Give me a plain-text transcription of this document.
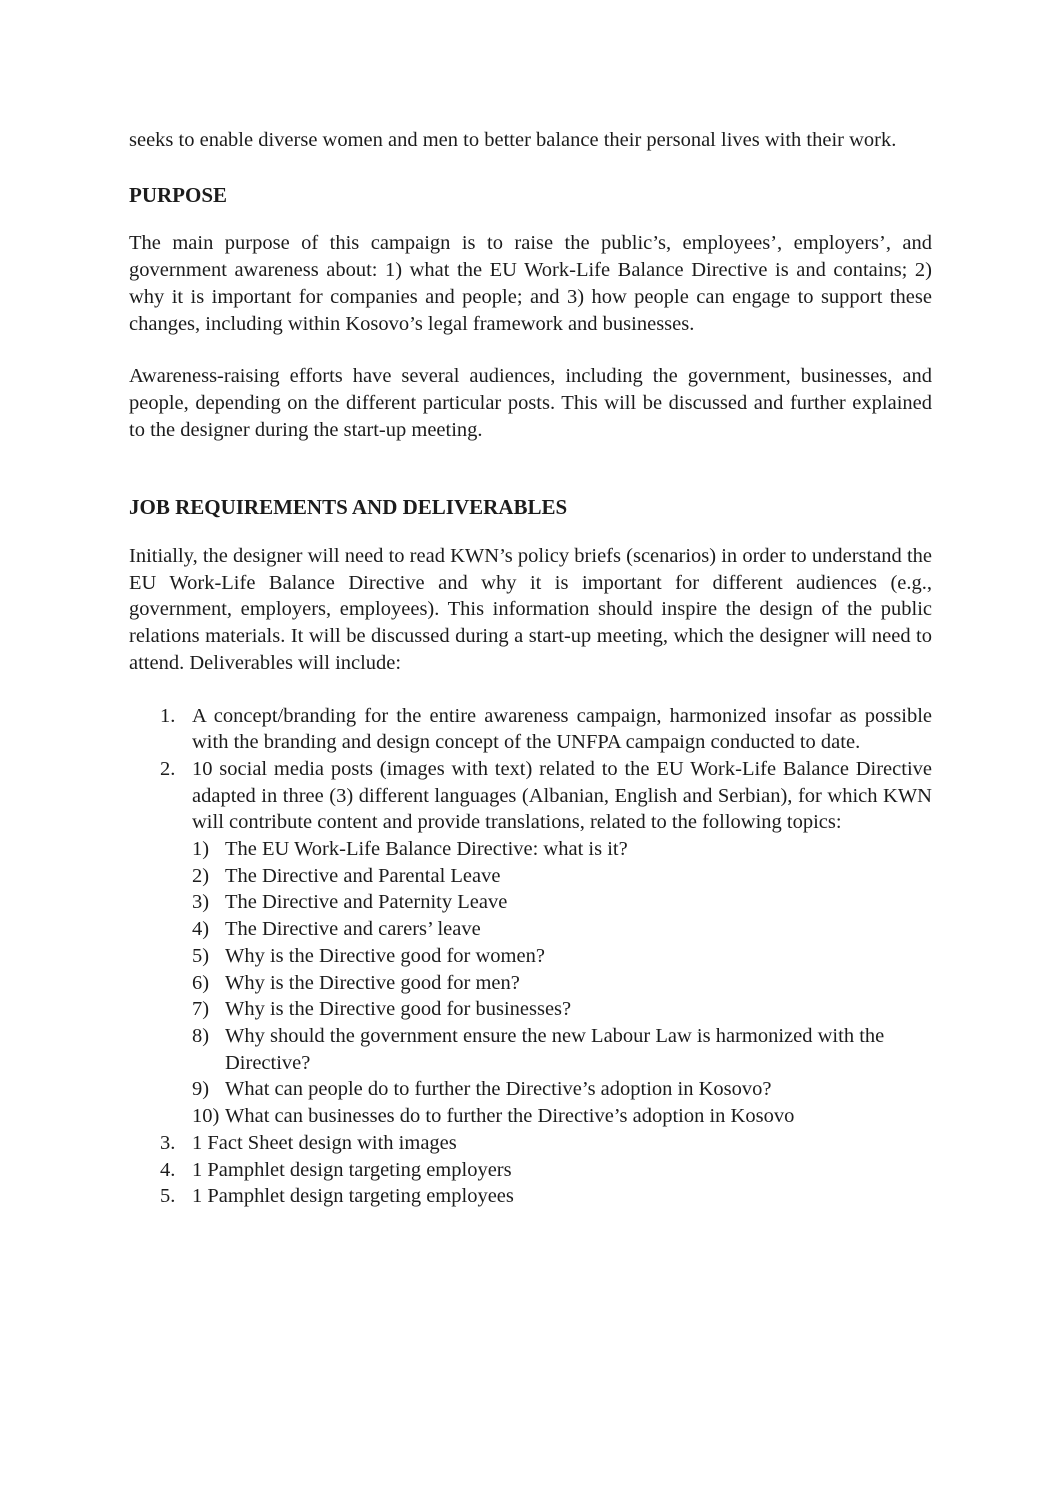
seeks to enable diverse women and men to better balance their personal lives with their work.

PURPOSE

The main purpose of this campaign is to raise the public’s, employees’, employers’, and government awareness about: 1) what the EU Work-Life Balance Directive is and contains; 2) why it is important for companies and people; and 3) how people can engage to support these changes, including within Kosovo’s legal framework and businesses.

Awareness-raising efforts have several audiences, including the government, businesses, and people, depending on the different particular posts. This will be discussed and further explained to the designer during the start-up meeting.

JOB REQUIREMENTS AND DELIVERABLES

Initially, the designer will need to read KWN’s policy briefs (scenarios) in order to understand the EU Work-Life Balance Directive and why it is important for different audiences (e.g., government, employers, employees). This information should inspire the design of the public relations materials. It will be discussed during a start-up meeting, which the designer will need to attend. Deliverables will include:

1. A concept/branding for the entire awareness campaign, harmonized insofar as possible with the branding and design concept of the UNFPA campaign conducted to date.
2. 10 social media posts (images with text) related to the EU Work-Life Balance Directive adapted in three (3) different languages (Albanian, English and Serbian), for which KWN will contribute content and provide translations, related to the following topics:
1) The EU Work-Life Balance Directive: what is it?
2) The Directive and Parental Leave
3) The Directive and Paternity Leave
4) The Directive and carers’ leave
5) Why is the Directive good for women?
6) Why is the Directive good for men?
7) Why is the Directive good for businesses?
8) Why should the government ensure the new Labour Law is harmonized with the Directive?
9) What can people do to further the Directive’s adoption in Kosovo?
10) What can businesses do to further the Directive’s adoption in Kosovo
3. 1 Fact Sheet design with images
4. 1 Pamphlet design targeting employers
5. 1 Pamphlet design targeting employees
